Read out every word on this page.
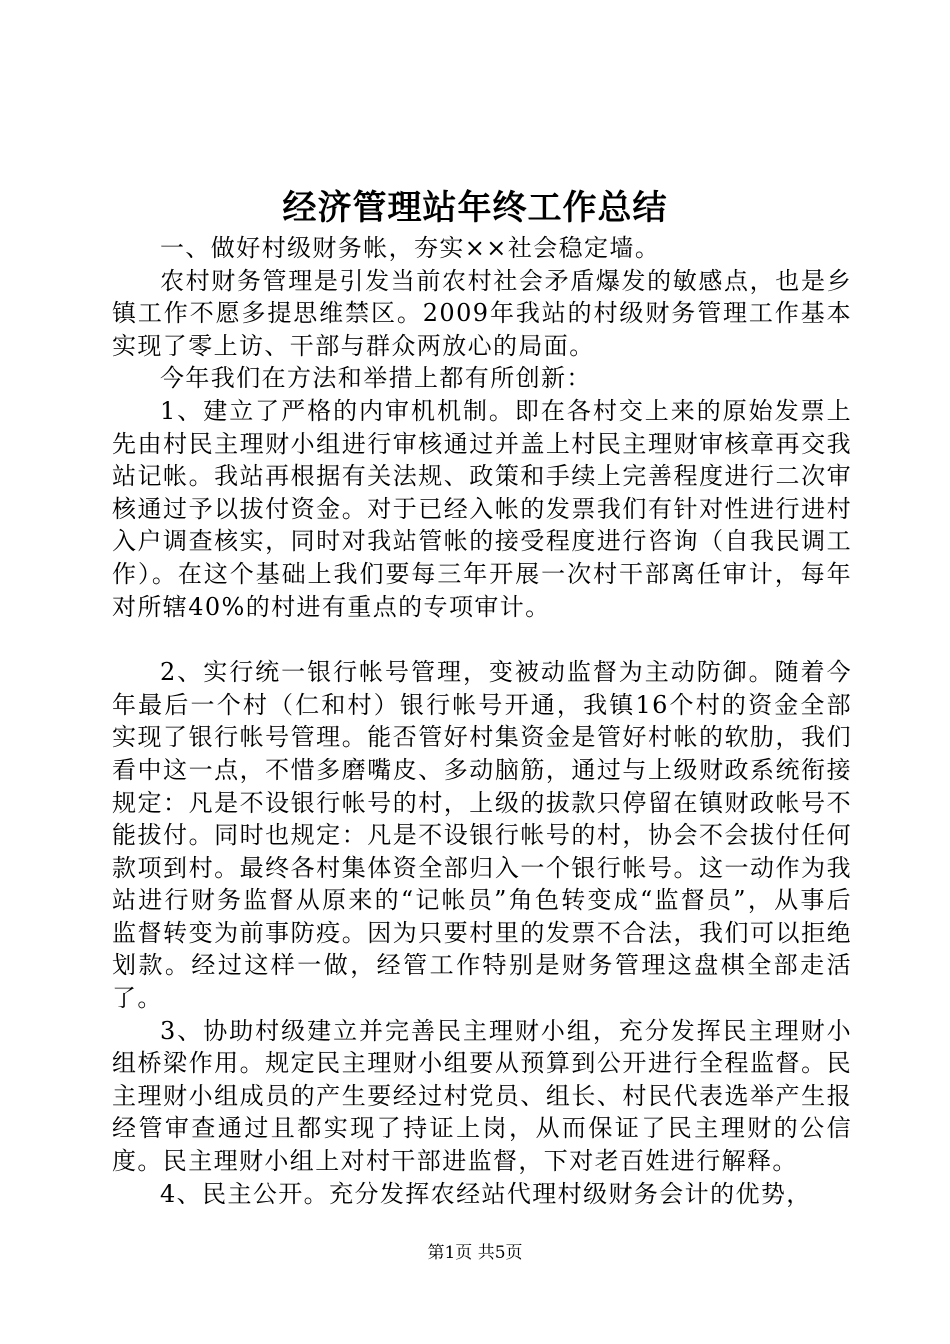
经济管理站年终工作总结

一、做好村级财务帐，夯实××社会稳定墙。

农村财务管理是引发当前农村社会矛盾爆发的敏感点，也是乡镇工作不愿多提思维禁区。2009年我站的村级财务管理工作基本实现了零上访、干部与群众两放心的局面。

今年我们在方法和举措上都有所创新：

1、建立了严格的内审机机制。即在各村交上来的原始发票上先由村民主理财小组进行审核通过并盖上村民主理财审核章再交我站记帐。我站再根据有关法规、政策和手续上完善程度进行二次审核通过予以拔付资金。对于已经入帐的发票我们有针对性进行进村入户调查核实，同时对我站管帐的接受程度进行咨询（自我民调工作）。在这个基础上我们要每三年开展一次村干部离任审计，每年对所辖40%的村进有重点的专项审计。

2、实行统一银行帐号管理，变被动监督为主动防御。随着今年最后一个村（仁和村）银行帐号开通，我镇16个村的资金全部实现了银行帐号管理。能否管好村集资金是管好村帐的软肋，我们看中这一点，不惜多磨嘴皮、多动脑筋，通过与上级财政系统衔接规定：凡是不设银行帐号的村，上级的拔款只停留在镇财政帐号不能拔付。同时也规定：凡是不设银行帐号的村，协会不会拔付任何款项到村。最终各村集体资全部归入一个银行帐号。这一动作为我站进行财务监督从原来的“记帐员”角色转变成“监督员”，从事后监督转变为前事防疫。因为只要村里的发票不合法，我们可以拒绝划款。经过这样一做，经管工作特别是财务管理这盘棋全部走活了。

3、协助村级建立并完善民主理财小组，充分发挥民主理财小组桥梁作用。规定民主理财小组要从预算到公开进行全程监督。民主理财小组成员的产生要经过村党员、组长、村民代表选举产生报经管审查通过且都实现了持证上岗，从而保证了民主理财的公信度。民主理财小组上对村干部进监督，下对老百姓进行解释。

4、民主公开。充分发挥农经站代理村级财务会计的优势，

第1页 共5页
